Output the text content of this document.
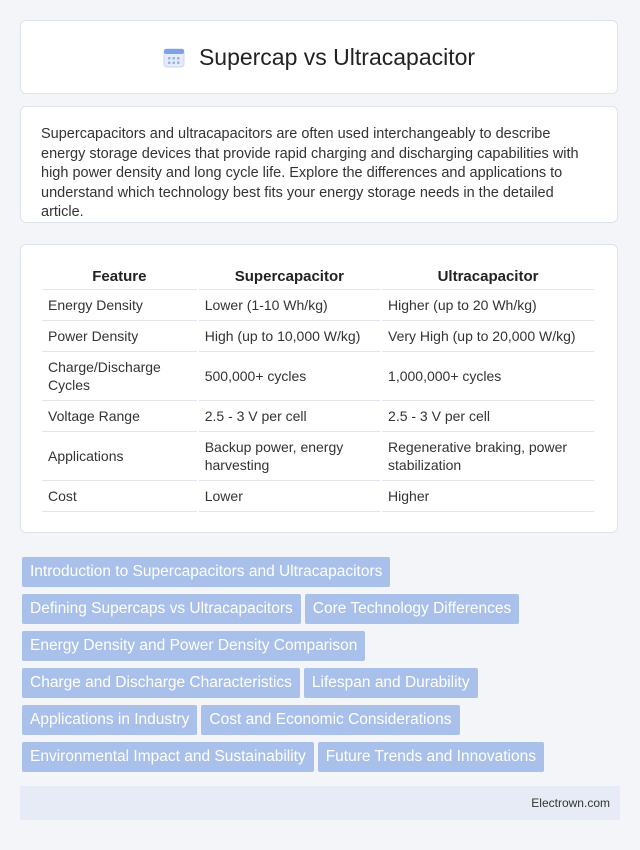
Supercap vs Ultracapacitor

Supercapacitors and ultracapacitors are often used interchangeably to describe energy storage devices that provide rapid charging and discharging capabilities with high power density and long cycle life. Explore the differences and applications to understand which technology best fits your energy storage needs in the detailed article.

Feature	Supercapacitor	Ultracapacitor
Energy Density	Lower (1-10 Wh/kg)	Higher (up to 20 Wh/kg)
Power Density	High (up to 10,000 W/kg)	Very High (up to 20,000 W/kg)
Charge/Discharge Cycles	500,000+ cycles	1,000,000+ cycles
Voltage Range	2.5 - 3 V per cell	2.5 - 3 V per cell
Applications	Backup power, energy harvesting	Regenerative braking, power stabilization
Cost	Lower	Higher
Introduction to Supercapacitors and Ultracapacitors
Defining Supercaps vs Ultracapacitors Core Technology Differences
Energy Density and Power Density Comparison
Charge and Discharge Characteristics Lifespan and Durability
Applications in Industry Cost and Economic Considerations
Environmental Impact and Sustainability Future Trends and Innovations
Electrown.com
